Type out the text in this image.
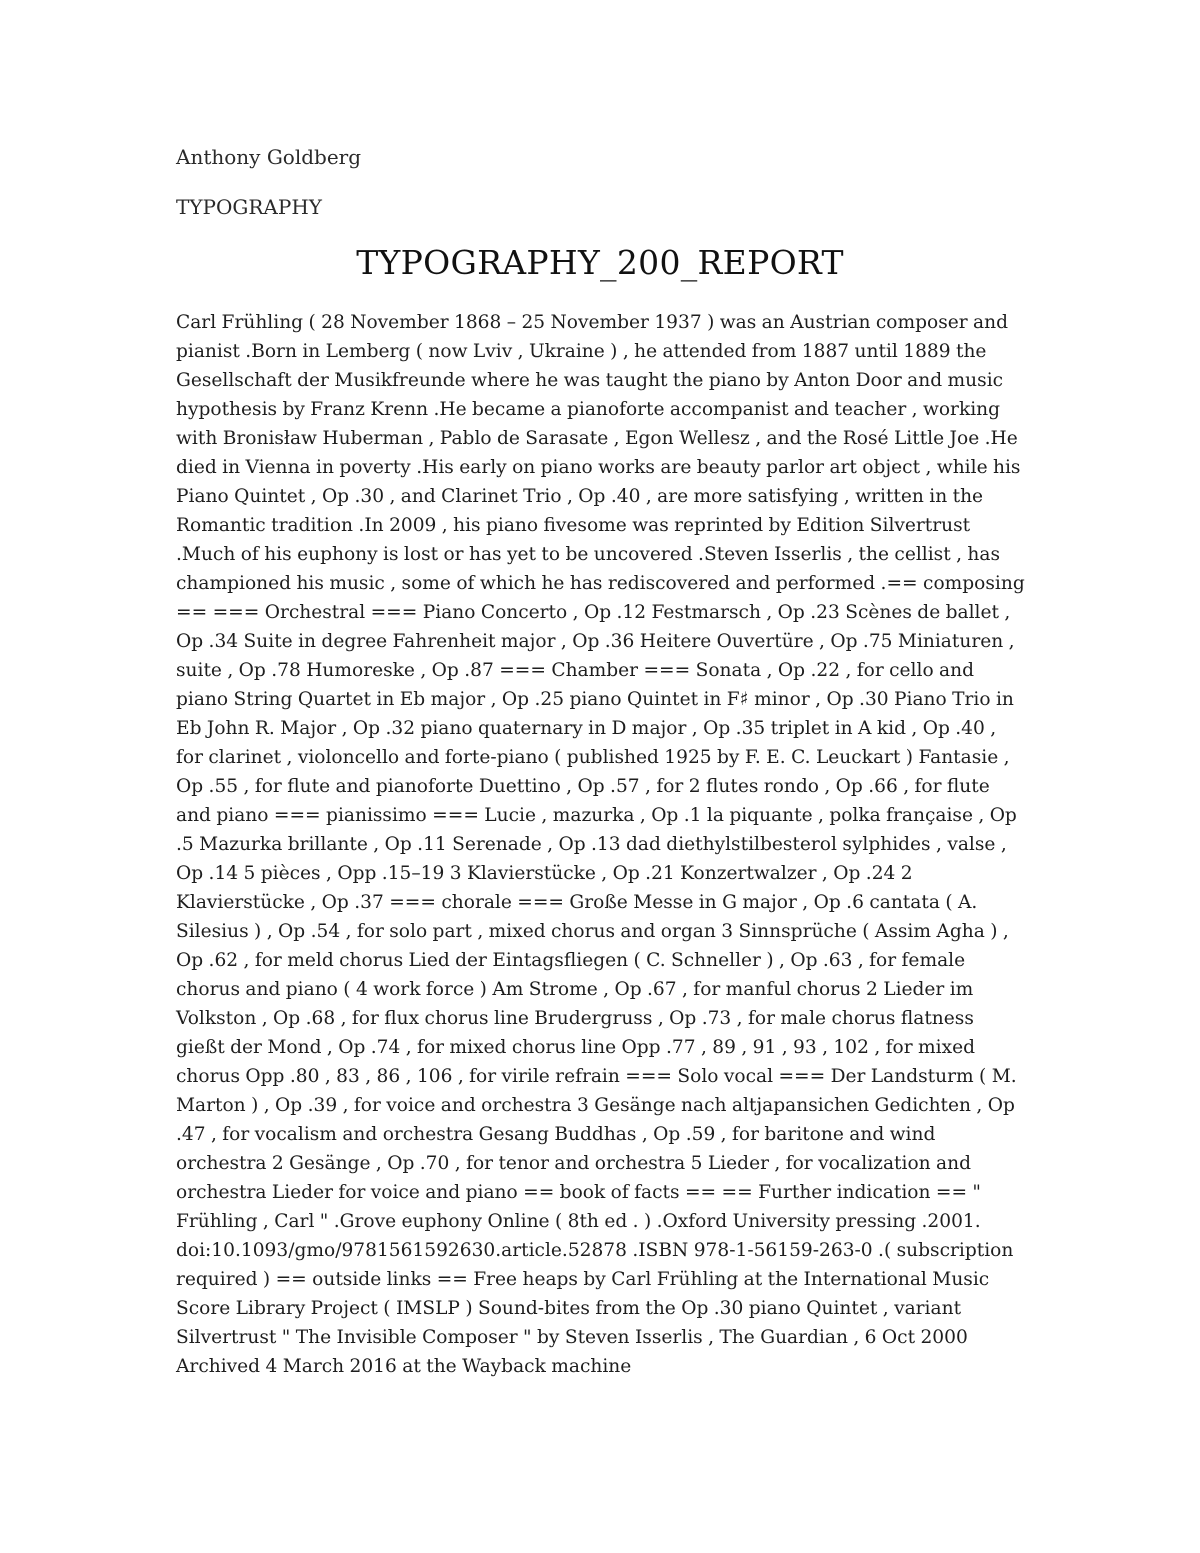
Anthony Goldberg
TYPOGRAPHY
TYPOGRAPHY_200_REPORT

Carl Frühling ( 28 November 1868 – 25 November 1937 ) was an Austrian composer and pianist .Born in Lemberg ( now Lviv , Ukraine ) , he attended from 1887 until 1889 the Gesellschaft der Musikfreunde where he was taught the piano by Anton Door and music hypothesis by Franz Krenn .He became a pianoforte accompanist and teacher , working with Bronisław Huberman , Pablo de Sarasate , Egon Wellesz , and the Rosé Little Joe .He died in Vienna in poverty .His early on piano works are beauty parlor art object , while his Piano Quintet , Op .30 , and Clarinet Trio , Op .40 , are more satisfying , written in the Romantic tradition .In 2009 , his piano fivesome was reprinted by Edition Silvertrust .Much of his euphony is lost or has yet to be uncovered .Steven Isserlis , the cellist , has championed his music , some of which he has rediscovered and performed .== composing == === Orchestral === Piano Concerto , Op .12 Festmarsch , Op .23 Scènes de ballet , Op .34 Suite in degree Fahrenheit major , Op .36 Heitere Ouvertüre , Op .75 Miniaturen , suite , Op .78 Humoreske , Op .87 === Chamber === Sonata , Op .22 , for cello and piano String Quartet in Eb major , Op .25 piano Quintet in F♯ minor , Op .30 Piano Trio in Eb John R. Major , Op .32 piano quaternary in D major , Op .35 triplet in A kid , Op .40 , for clarinet , violoncello and forte-piano ( published 1925 by F. E. C. Leuckart ) Fantasie , Op .55 , for flute and pianoforte Duettino , Op .57 , for 2 flutes rondo , Op .66 , for flute and piano === pianissimo === Lucie , mazurka , Op .1 la piquante , polka française , Op .5 Mazurka brillante , Op .11 Serenade , Op .13 dad diethylstilbesterol sylphides , valse , Op .14 5 pièces , Opp .15–19 3 Klavierstücke , Op .21 Konzertwalzer , Op .24 2 Klavierstücke , Op .37 === chorale === Große Messe in G major , Op .6 cantata ( A. Silesius ) , Op .54 , for solo part , mixed chorus and organ 3 Sinnsprüche ( Assim Agha ) , Op .62 , for meld chorus Lied der Eintagsfliegen ( C. Schneller ) , Op .63 , for female chorus and piano ( 4 work force ) Am Strome , Op .67 , for manful chorus 2 Lieder im Volkston , Op .68 , for flux chorus line Brudergruss , Op .73 , for male chorus flatness gießt der Mond , Op .74 , for mixed chorus line Opp .77 , 89 , 91 , 93 , 102 , for mixed chorus Opp .80 , 83 , 86 , 106 , for virile refrain === Solo vocal === Der Landsturm ( M. Marton ) , Op .39 , for voice and orchestra 3 Gesänge nach altjapansichen Gedichten , Op .47 , for vocalism and orchestra Gesang Buddhas , Op .59 , for baritone and wind orchestra 2 Gesänge , Op .70 , for tenor and orchestra 5 Lieder , for vocalization and orchestra Lieder for voice and piano == book of facts == == Further indication == " Frühling , Carl " .Grove euphony Online ( 8th ed . ) .Oxford University pressing .2001. doi:10.1093/gmo/9781561592630.article.52878 .ISBN 978-1-56159-263-0 .( subscription required ) == outside links == Free heaps by Carl Frühling at the International Music Score Library Project ( IMSLP ) Sound-bites from the Op .30 piano Quintet , variant Silvertrust " The Invisible Composer " by Steven Isserlis , The Guardian , 6 Oct 2000 Archived 4 March 2016 at the Wayback machine
